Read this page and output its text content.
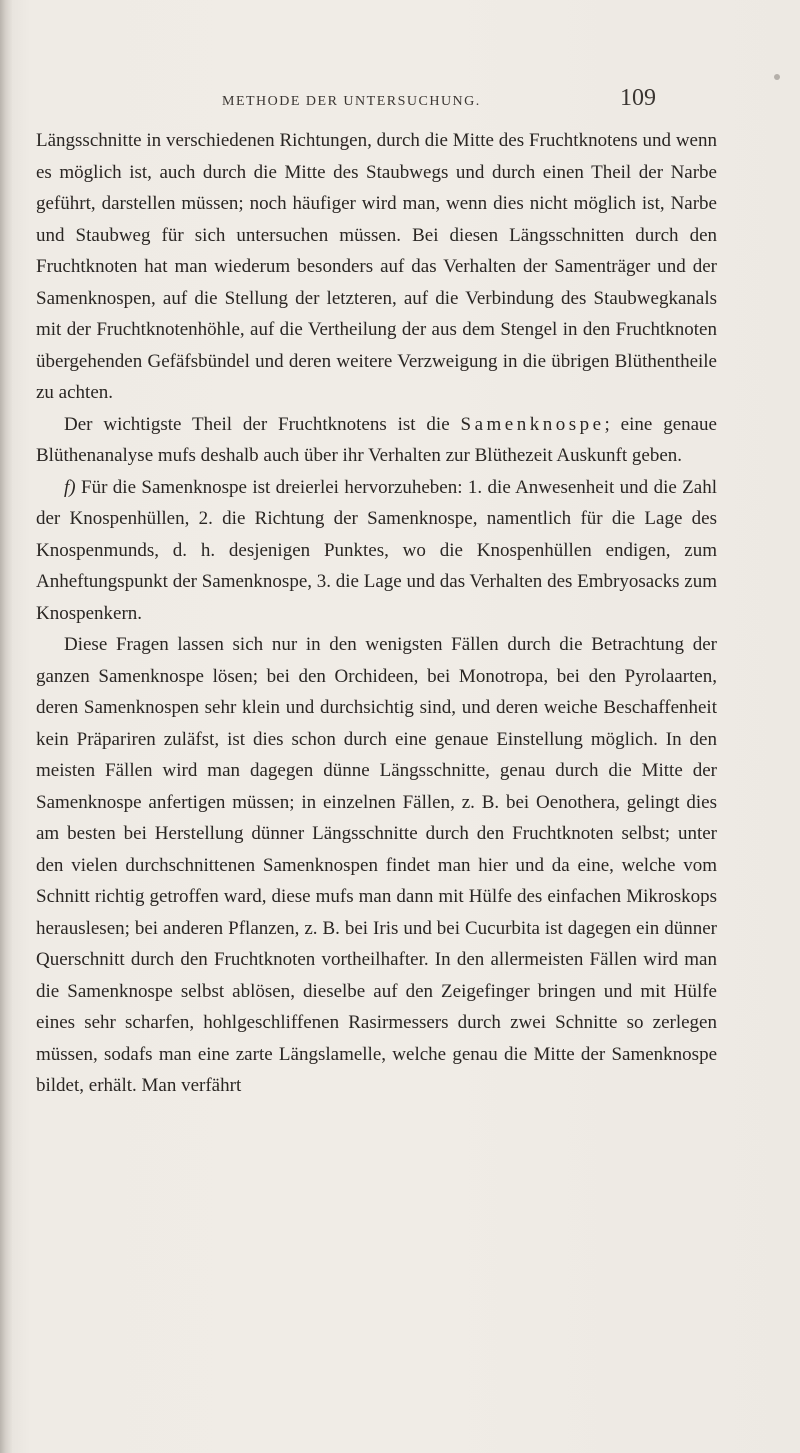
METHODE DER UNTERSUCHUNG.	109

Längsschnitte in verschiedenen Richtungen, durch die Mitte des Fruchtknotens und wenn es möglich ist, auch durch die Mitte des Staubwegs und durch einen Theil der Narbe geführt, darstellen müssen; noch häufiger wird man, wenn dies nicht möglich ist, Narbe und Staubweg für sich untersuchen müssen. Bei diesen Längsschnitten durch den Fruchtknoten hat man wiederum besonders auf das Verhalten der Samenträger und der Samenknospen, auf die Stellung der letzteren, auf die Verbindung des Staubwegkanals mit der Fruchtknotenhöhle, auf die Vertheilung der aus dem Stengel in den Fruchtknoten übergehenden Gefäfsbündel und deren weitere Verzweigung in die übrigen Blüthentheile zu achten.

Der wichtigste Theil der Fruchtknotens ist die Samenknospe; eine genaue Blüthenanalyse mufs deshalb auch über ihr Verhalten zur Blüthezeit Auskunft geben.

f) Für die Samenknospe ist dreierlei hervorzuheben: 1. die Anwesenheit und die Zahl der Knospenhüllen, 2. die Richtung der Samenknospe, namentlich für die Lage des Knospenmunds, d. h. desjenigen Punktes, wo die Knospenhüllen endigen, zum Anheftungspunkt der Samenknospe, 3. die Lage und das Verhalten des Embryosacks zum Knospenkern.

Diese Fragen lassen sich nur in den wenigsten Fällen durch die Betrachtung der ganzen Samenknospe lösen; bei den Orchideen, bei Monotropa, bei den Pyrolaarten, deren Samenknospen sehr klein und durchsichtig sind, und deren weiche Beschaffenheit kein Präpariren zuläfst, ist dies schon durch eine genaue Einstellung möglich. In den meisten Fällen wird man dagegen dünne Längsschnitte, genau durch die Mitte der Samenknospe anfertigen müssen; in einzelnen Fällen, z. B. bei Oenothera, gelingt dies am besten bei Herstellung dünner Längsschnitte durch den Fruchtknoten selbst; unter den vielen durchschnittenen Samenknospen findet man hier und da eine, welche vom Schnitt richtig getroffen ward, diese mufs man dann mit Hülfe des einfachen Mikroskops herauslesen; bei anderen Pflanzen, z. B. bei Iris und bei Cucurbita ist dagegen ein dünner Querschnitt durch den Fruchtknoten vortheilhafter. In den allermeisten Fällen wird man die Samenknospe selbst ablösen, dieselbe auf den Zeigefinger bringen und mit Hülfe eines sehr scharfen, hohlgeschliffenen Rasirmessers durch zwei Schnitte so zerlegen müssen, sodafs man eine zarte Längslamelle, welche genau die Mitte der Samenknospe bildet, erhält. Man verfährt
